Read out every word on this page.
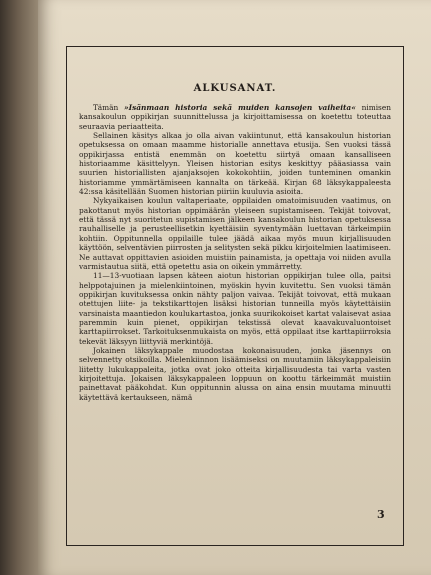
ALKUSANAT.

Tämän »Isänmaan historia sekä muiden kansojen vaiheita« nimisen kansakoulun oppikirjan suunnittelussa ja kirjoittamisessa on koetettu toteuttaa seuraavia periaatteita.

Sellainen käsitys alkaa jo olla aivan vakiintunut, että kansakoulun historian opetuksessa on omaan maamme historialle annettava etusija. Sen vuoksi tässä oppikirjassa entistä enemmän on koetettu siirtyä omaan kansalliseen historiaamme käsittelyyn. Yleisen historian esitys keskittyy pääasiassa vain suurien historiallisten ajanjaksojen kokokohtiin, joiden tunteminen omankin historiamme ymmärtämiseen kannalta on tärkeää. Kirjan 68 läksykappaleesta 42:ssa käsitellään Suomen historian piiriin kuuluvia asioita.

Nykyaikaisen koulun valtaperiaate, oppilaiden omatoimisuuden vaatimus, on pakottanut myös historian oppimäärän yleiseen supistamiseen. Tekijät toivovat, että tässä nyt suoritetun supistamisen jälkeen kansakoulun historian opetuksessa rauhalliselle ja perusteellisetkin kyettäisiin syventymään luettavan tärkeimpiin kohtiin. Oppitunnella oppilaille tulee jäädä aikaa myös muun kirjallisuuden käyttöön, selventävien piirrosten ja selitysten sekä pikku kirjoitelmien laatimiseen. Ne auttavat oppittavien asioiden muistiin painamista, ja opettaja voi niiden avulla varmistautua siitä, että opetettu asia on oikein ymmärretty.

11—13-vuotiaan lapsen käteen aiotun historian oppikirjan tulee olla, paitsi helppotajuinen ja mielenkiintoinen, myöskin hyvin kuvitettu. Sen vuoksi tämän oppikirjan kuvituksessa onkin nähty paljon vaivaa. Tekijät toivovat, että mukaan otettujen liite- ja tekstikarttojen lisäksi historian tunneilla myös käytettäisiin varsinaista maantiedon koulukartastoa, jonka suurikokoiset kartat valaisevat asiaa paremmin kuin pienet, oppikirjan tekstissä olevat kaavakuvaluontoiset karttapiirrokset. Tarkoituksenmukaista on myös, että oppilaat itse karttapiirroksia tekevät läksyyn liittyviä merkintöjä.

Jokainen läksykappale muodostaa kokonaisuuden, jonka jäsennys on selvennetty otsikoilla. Mielenkiinnon lisäämiseksi on muutamiin läksykappaleisiin liitetty lukukappaleita, jotka ovat joko otteita kirjallisuudesta tai varta vasten kirjoitettuja. Jokaisen läksykappaleen loppuun on koottu tärkeimmät muistiin painettavat pääkohdat. Kun oppitunnin alussa on aina ensin muutama minuutti käytettävä kertaukseen, nämä

3
